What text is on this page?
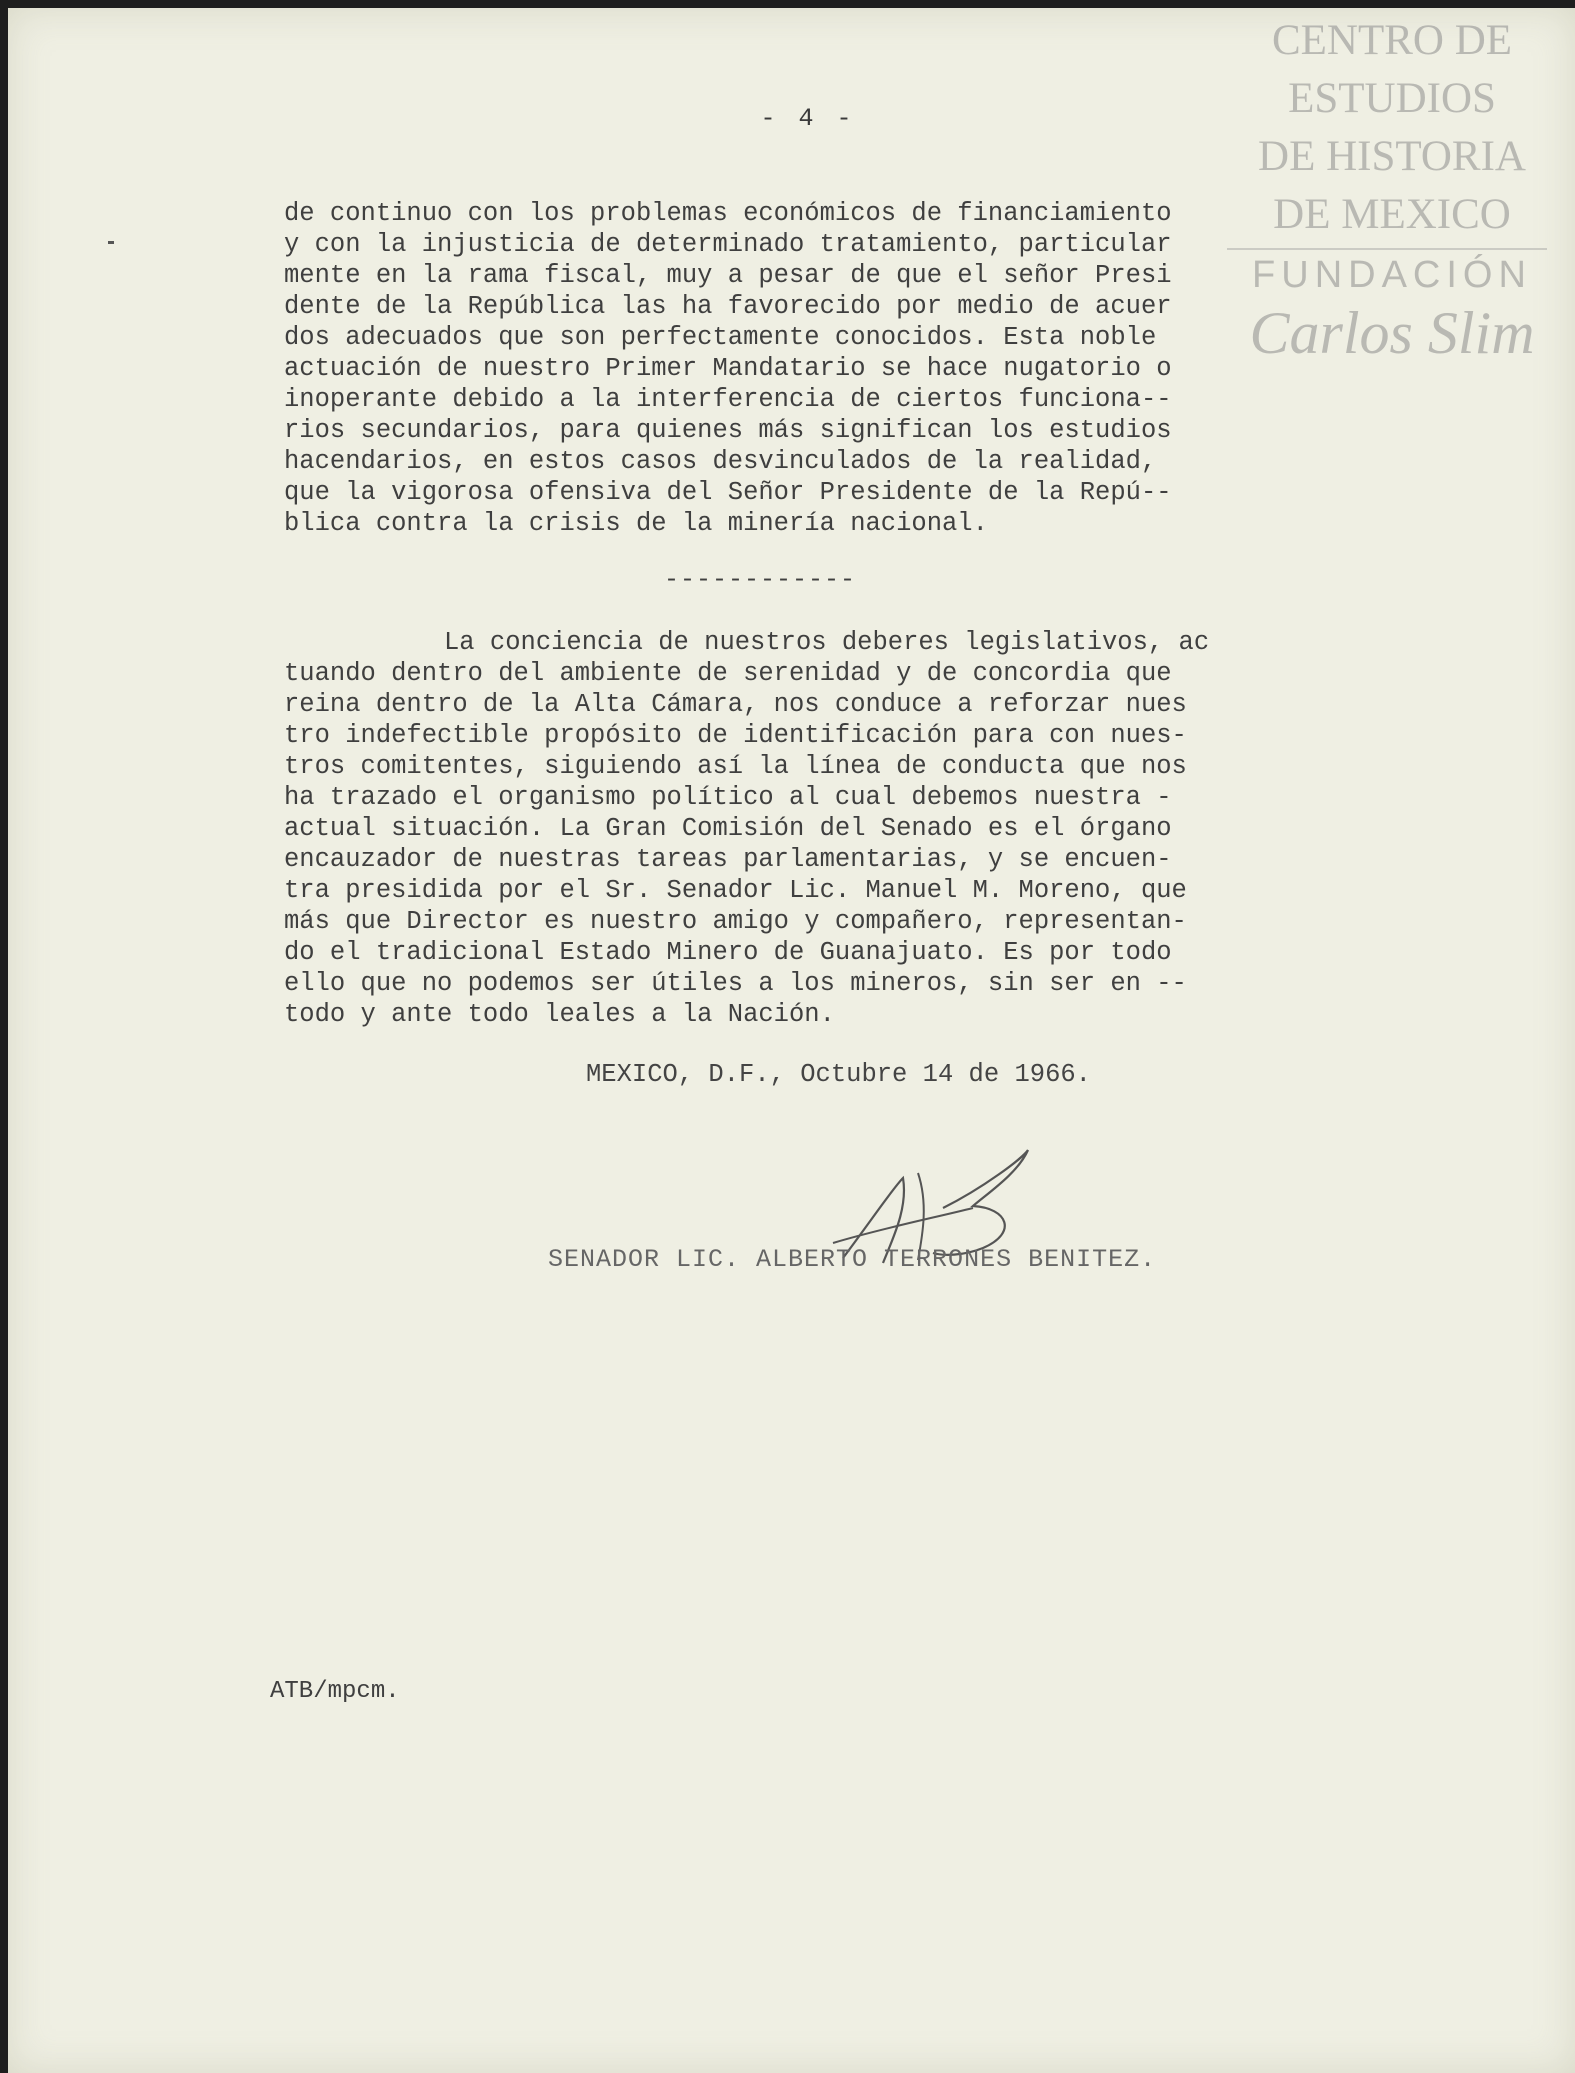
- 4 -
de continuo con los problemas económicos de financiamiento
y con la injusticia de determinado tratamiento, particular
mente en la rama fiscal, muy a pesar de que el señor Presi
dente de la República las ha favorecido por medio de acuer
dos adecuados que son perfectamente conocidos. Esta noble
actuación de nuestro Primer Mandatario se hace nugatorio o
inoperante debido a la interferencia de ciertos funciona--
rios secundarios, para quienes más significan los estudios
hacendarios, en estos casos desvinculados de la realidad,
que la vigorosa ofensiva del Señor Presidente de la Repú--
blica contra la crisis de la minería nacional.
------------
La conciencia de nuestros deberes legislativos, ac
tuando dentro del ambiente de serenidad y de concordia que
reina dentro de la Alta Cámara, nos conduce a reforzar nues
tro indefectible propósito de identificación para con nues-
tros comitentes, siguiendo así la línea de conducta que nos
ha trazado el organismo político al cual debemos nuestra -
actual situación. La Gran Comisión del Senado es el órgano
encauzador de nuestras tareas parlamentarias, y se encuen-
tra presidida por el Sr. Senador Lic. Manuel M. Moreno, que
más que Director es nuestro amigo y compañero, representan-
do el tradicional Estado Minero de Guanajuato. Es por todo
ello que no podemos ser útiles a los mineros, sin ser en --
todo y ante todo leales a la Nación.
MEXICO, D.F., Octubre 14 de 1966.
SENADOR LIC. ALBERTO TERRONES BENITEZ.
ATB/mpcm.
CENTRO DE
ESTUDIOS
DE HISTORIA
DE MEXICO
FUNDACIÓN
Carlos Slim
